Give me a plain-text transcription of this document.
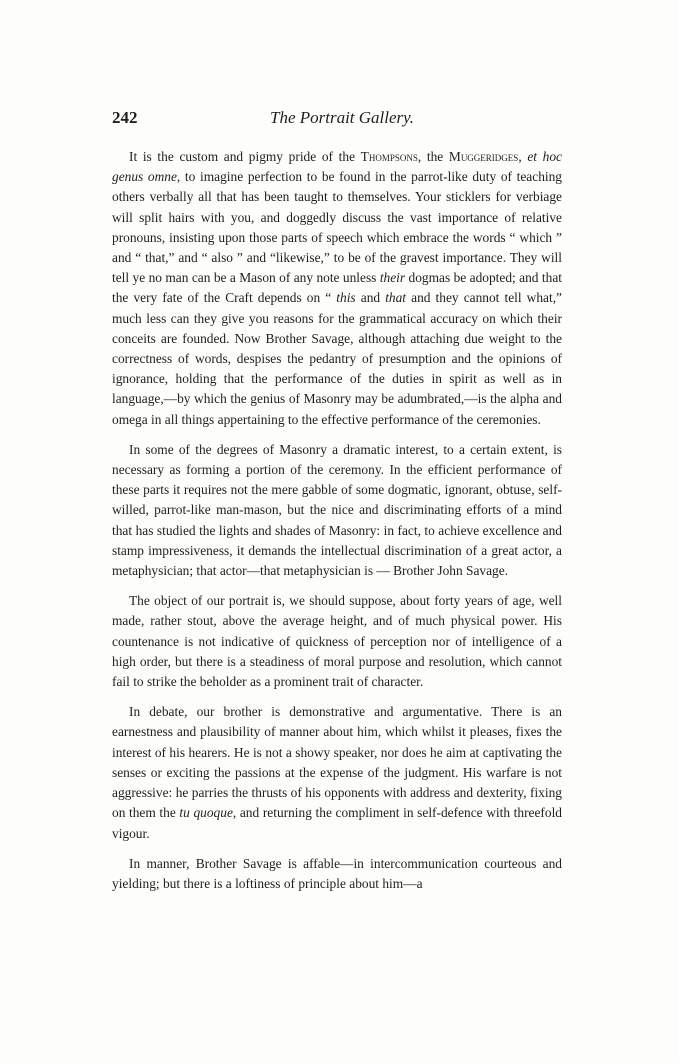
242	The Portrait Gallery.

It is the custom and pigmy pride of the Thompsons, the Muggeridges, et hoc genus omne, to imagine perfection to be found in the parrot-like duty of teaching others verbally all that has been taught to themselves. Your sticklers for verbiage will split hairs with you, and doggedly discuss the vast importance of relative pronouns, insisting upon those parts of speech which embrace the words “ which ” and “ that,” and “ also ” and “likewise,” to be of the gravest importance. They will tell ye no man can be a Mason of any note unless their dogmas be adopted; and that the very fate of the Craft depends on “ this and that and they cannot tell what,” much less can they give you reasons for the grammatical accuracy on which their conceits are founded. Now Brother Savage, although attaching due weight to the correctness of words, despises the pedantry of presumption and the opinions of ignorance, holding that the performance of the duties in spirit as well as in language,—by which the genius of Masonry may be adumbrated,—is the alpha and omega in all things appertaining to the effective performance of the ceremonies.

In some of the degrees of Masonry a dramatic interest, to a certain extent, is necessary as forming a portion of the ceremony. In the efficient performance of these parts it requires not the mere gabble of some dogmatic, ignorant, obtuse, self-willed, parrot-like man-mason, but the nice and discriminating efforts of a mind that has studied the lights and shades of Masonry: in fact, to achieve excellence and stamp impressiveness, it demands the intellectual discrimination of a great actor, a metaphysician; that actor—that metaphysician is — Brother John Savage.

The object of our portrait is, we should suppose, about forty years of age, well made, rather stout, above the average height, and of much physical power. His countenance is not indicative of quickness of perception nor of intelligence of a high order, but there is a steadiness of moral purpose and resolution, which cannot fail to strike the beholder as a prominent trait of character.

In debate, our brother is demonstrative and argumentative. There is an earnestness and plausibility of manner about him, which whilst it pleases, fixes the interest of his hearers. He is not a showy speaker, nor does he aim at captivating the senses or exciting the passions at the expense of the judgment. His warfare is not aggressive: he parries the thrusts of his opponents with address and dexterity, fixing on them the tu quoque, and returning the compliment in self-defence with threefold vigour.

In manner, Brother Savage is affable—in intercommunication courteous and yielding; but there is a loftiness of principle about him—a
